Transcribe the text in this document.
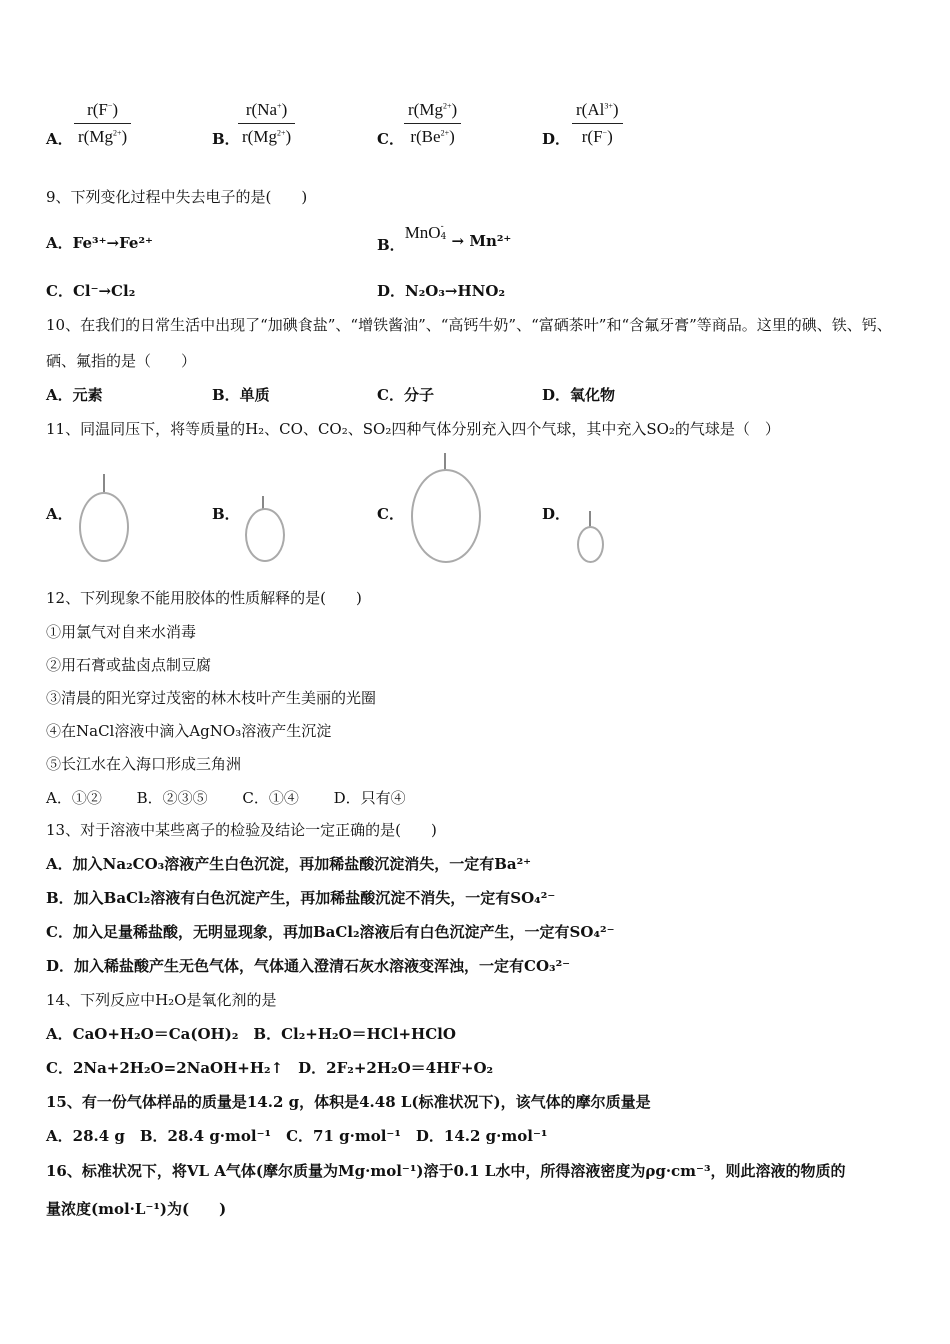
A．
r(F−)
$r(Mg^{2+})$	B．
r(Na+)
$r(Mg^{2+})$	C．
$r(Mg^{2+})$
$r(Be^{2+})$	D．
$r(Al^{3+})$
r(F−)
9、下列变化过程中失去电子的是(　　)
A．Fe³⁺→Fe²⁺	B．MnO -
4 → Mn²⁺
C．Cl⁻→Cl₂	D．N₂O₃→HNO₂
10、在我们的日常生活中出现了“加碘食盐”、“增铁酱油”、“高钙牛奶”、“富硒茶叶”和“含氟牙膏”等商品。这里的碘、铁、钙、
硒、氟指的是（　　）
A．元素	B．单质	C．分子	D．氧化物
11、同温同压下，将等质量的H₂、CO、CO₂、SO₂四种气体分别充入四个气球，其中充入SO₂的气球是（　）
A．	B．	C．	D．
12、下列现象不能用胶体的性质解释的是(　　)
①用氯气对自来水消毒
②用石膏或盐卤点制豆腐
③清晨的阳光穿过茂密的林木枝叶产生美丽的光圈
④在NaCl溶液中滴入AgNO₃溶液产生沉淀
⑤长江水在入海口形成三角洲
A．①②　　 B．②③⑤　　 C．①④　　 D．只有④
13、对于溶液中某些离子的检验及结论一定正确的是(　　)
A．加入Na₂CO₃溶液产生白色沉淀，再加稀盐酸沉淀消失，一定有Ba²⁺
B．加入BaCl₂溶液有白色沉淀产生，再加稀盐酸沉淀不消失，一定有SO₄²⁻
C．加入足量稀盐酸，无明显现象，再加BaCl₂溶液后有白色沉淀产生，一定有SO₄²⁻
D．加入稀盐酸产生无色气体，气体通入澄清石灰水溶液变浑浊，一定有CO₃²⁻
14、下列反应中H₂O是氧化剂的是
A．CaO+H₂O＝Ca(OH)₂　B．Cl₂+H₂O＝HCl+HClO
C．2Na+2H₂O=2NaOH+H₂↑　D．2F₂+2H₂O＝4HF+O₂
15、有一份气体样品的质量是14.2 g，体积是4.48 L(标准状况下)，该气体的摩尔质量是
A．28.4 g　B．28.4 g·mol⁻¹　C．71 g·mol⁻¹　D．14.2 g·mol⁻¹
16、标准状况下，将VL A气体(摩尔质量为Mg·mol⁻¹)溶于0.1 L水中，所得溶液密度为ρg·cm⁻³，则此溶液的物质的
量浓度(mol·L⁻¹)为(　　)
